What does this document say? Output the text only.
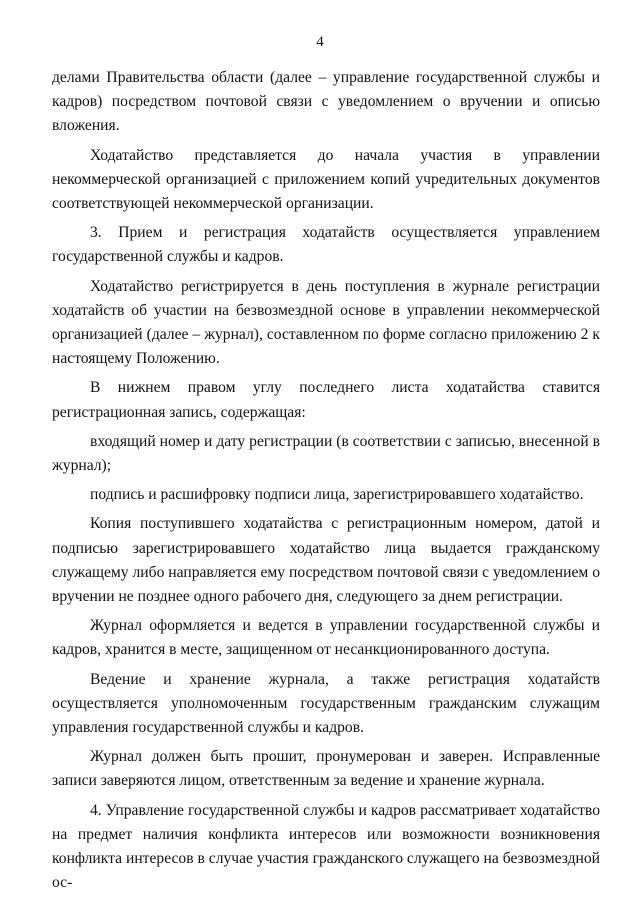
4

делами Правительства области (далее – управление государственной службы и кадров) посредством почтовой связи с уведомлением о вручении и описью вложения.

Ходатайство представляется до начала участия в управлении некоммерческой организацией с приложением копий учредительных документов соответствующей некоммерческой организации.

3. Прием и регистрация ходатайств осуществляется управлением государственной службы и кадров.

Ходатайство регистрируется в день поступления в журнале регистрации ходатайств об участии на безвозмездной основе в управлении некоммерческой организацией (далее – журнал), составленном по форме согласно приложению 2 к настоящему Положению.

В нижнем правом углу последнего листа ходатайства ставится регистрационная запись, содержащая:

входящий номер и дату регистрации (в соответствии с записью, внесенной в журнал);

подпись и расшифровку подписи лица, зарегистрировавшего ходатайство.

Копия поступившего ходатайства с регистрационным номером, датой и подписью зарегистрировавшего ходатайство лица выдается гражданскому служащему либо направляется ему посредством почтовой связи с уведомлением о вручении не позднее одного рабочего дня, следующего за днем регистрации.

Журнал оформляется и ведется в управлении государственной службы и кадров, хранится в месте, защищенном от несанкционированного доступа.

Ведение и хранение журнала, а также регистрация ходатайств осуществляется уполномоченным государственным гражданским служащим управления государственной службы и кадров.

Журнал должен быть прошит, пронумерован и заверен. Исправленные записи заверяются лицом, ответственным за ведение и хранение журнала.

4. Управление государственной службы и кадров рассматривает ходатайство на предмет наличия конфликта интересов или возможности возникновения конфликта интересов в случае участия гражданского служащего на безвозмездной ос-
